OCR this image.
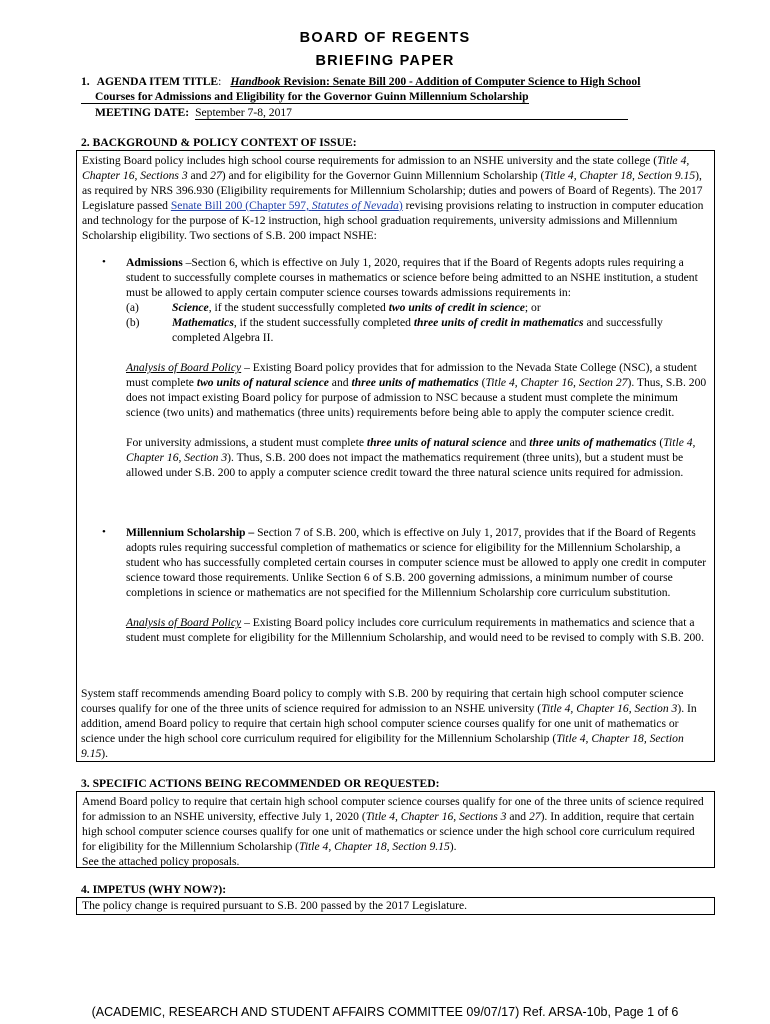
BOARD OF REGENTS
BRIEFING PAPER
1. AGENDA ITEM TITLE: Handbook Revision: Senate Bill 200 - Addition of Computer Science to High School
Courses for Admissions and Eligibility for the Governor Guinn Millennium Scholarship
MEETING DATE: September 7-8, 2017
2. BACKGROUND & POLICY CONTEXT OF ISSUE:

Existing Board policy includes high school course requirements for admission to an NSHE university and the state college (Title 4, Chapter 16, Sections 3 and 27) and for eligibility for the Governor Guinn Millennium Scholarship (Title 4, Chapter 18, Section 9.15), as required by NRS 396.930 (Eligibility requirements for Millennium Scholarship; duties and powers of Board of Regents). The 2017 Legislature passed Senate Bill 200 (Chapter 597, Statutes of Nevada) revising provisions relating to instruction in computer education and technology for the purpose of K-12 instruction, high school graduation requirements, university admissions and Millennium Scholarship eligibility. Two sections of S.B. 200 impact NSHE:

• Admissions –Section 6, which is effective on July 1, 2020, requires that if the Board of Regents adopts rules requiring a student to successfully complete courses in mathematics or science before being admitted to an NSHE institution, a student must be allowed to apply certain computer science courses towards admissions requirements in:

(a)	Science, if the student successfully completed two units of credit in science; or
(b)	Mathematics, if the student successfully completed three units of credit in mathematics and successfully completed Algebra II.

Analysis of Board Policy – Existing Board policy provides that for admission to the Nevada State College (NSC), a student must complete two units of natural science and three units of mathematics (Title 4, Chapter 16, Section 27). Thus, S.B. 200 does not impact existing Board policy for purpose of admission to NSC because a student must complete the minimum science (two units) and mathematics (three units) requirements before being able to apply the computer science credit.

For university admissions, a student must complete three units of natural science and three units of mathematics (Title 4, Chapter 16, Section 3). Thus, S.B. 200 does not impact the mathematics requirement (three units), but a student must be allowed under S.B. 200 to apply a computer science credit toward the three natural science units required for admission.

• Millennium Scholarship – Section 7 of S.B. 200, which is effective on July 1, 2017, provides that if the Board of Regents adopts rules requiring successful completion of mathematics or science for eligibility for the Millennium Scholarship, a student who has successfully completed certain courses in computer science must be allowed to apply one credit in computer science toward those requirements. Unlike Section 6 of S.B. 200 governing admissions, a minimum number of course completions in science or mathematics are not specified for the Millennium Scholarship core curriculum substitution.

Analysis of Board Policy – Existing Board policy includes core curriculum requirements in mathematics and science that a student must complete for eligibility for the Millennium Scholarship, and would need to be revised to comply with S.B. 200.

System staff recommends amending Board policy to comply with S.B. 200 by requiring that certain high school computer science courses qualify for one of the three units of science required for admission to an NSHE university (Title 4, Chapter 16, Section 3). In addition, amend Board policy to require that certain high school computer science courses qualify for one unit of mathematics or science under the high school core curriculum required for eligibility for the Millennium Scholarship (Title 4, Chapter 18, Section 9.15).
3. SPECIFIC ACTIONS BEING RECOMMENDED OR REQUESTED:

Amend Board policy to require that certain high school computer science courses qualify for one of the three units of science required for admission to an NSHE university, effective July 1, 2020 (Title 4, Chapter 16, Sections 3 and 27). In addition, require that certain high school computer science courses qualify for one unit of mathematics or science under the high school core curriculum required for eligibility for the Millennium Scholarship (Title 4, Chapter 18, Section 9.15).

See the attached policy proposals.

4. IMPETUS (WHY NOW?):

The policy change is required pursuant to S.B. 200 passed by the 2017 Legislature.

(ACADEMIC, RESEARCH AND STUDENT AFFAIRS COMMITTEE 09/07/17) Ref. ARSA-10b, Page 1 of 6
